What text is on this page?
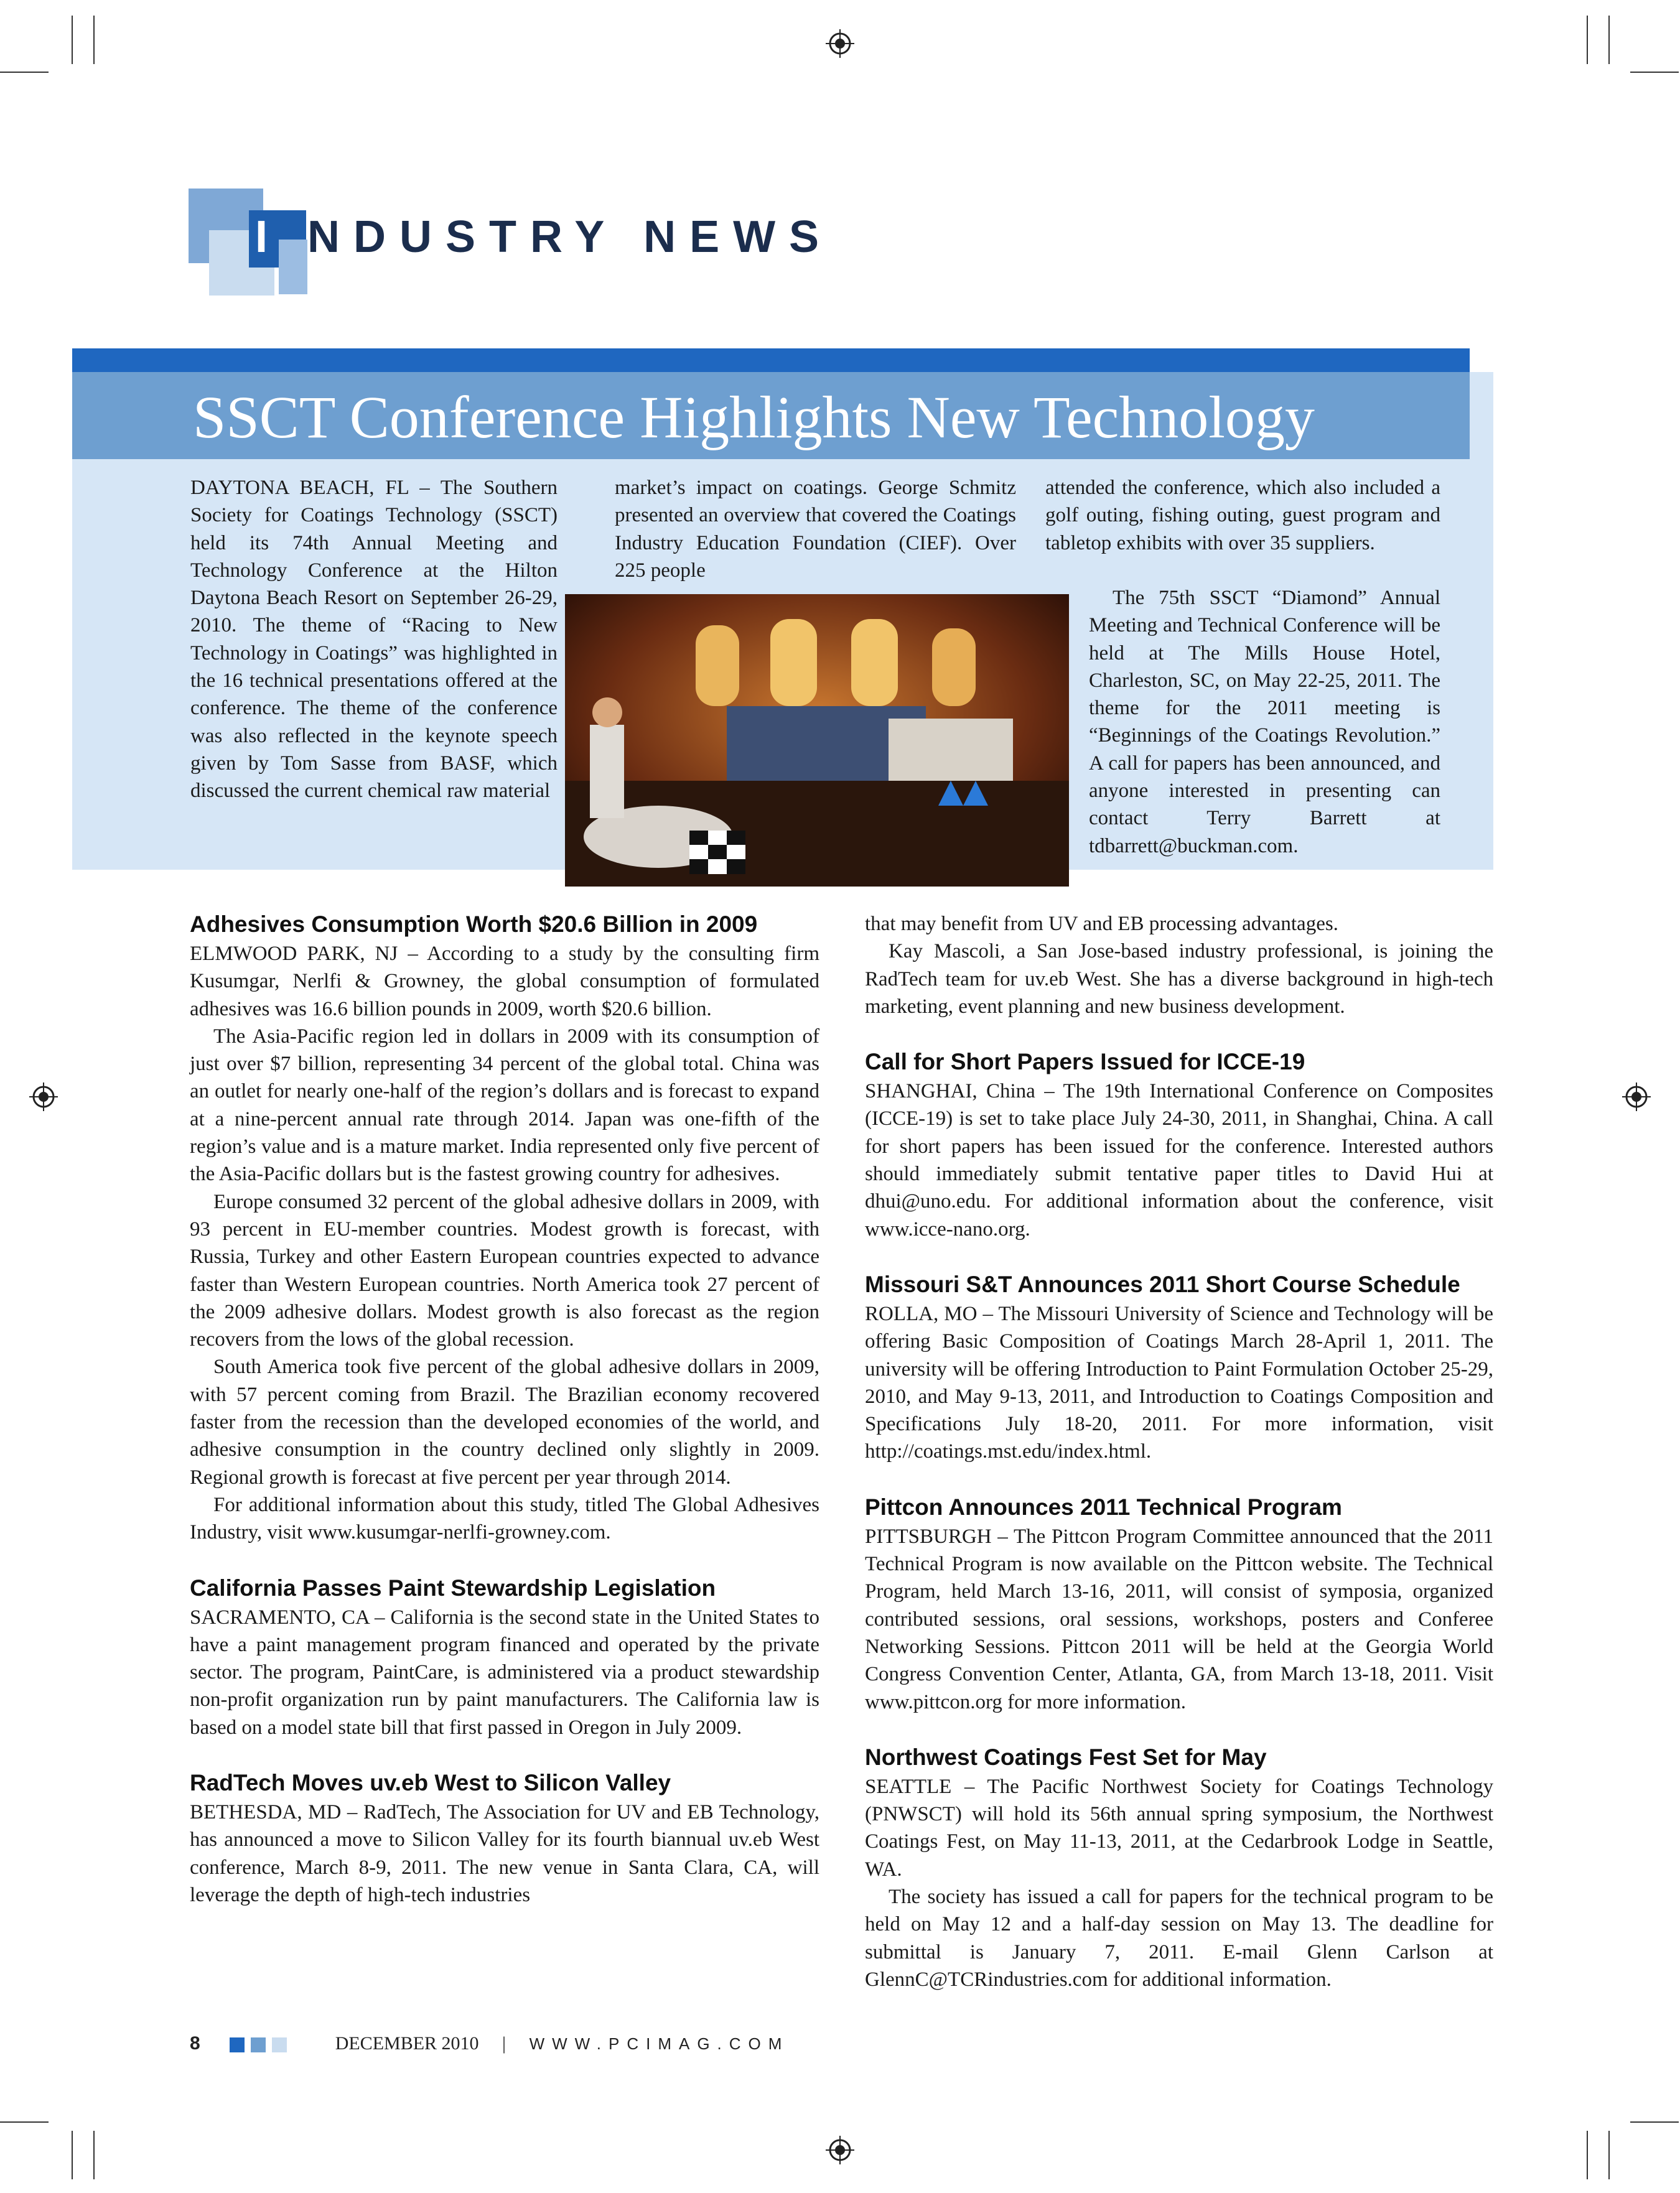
I NDUSTRY NEWS
SSCT Conference Highlights New Technology

DAYTONA BEACH, FL – The Southern Society for Coatings Technology (SSCT) held its 74th Annual Meeting and Technology Conference at the Hilton Daytona Beach Resort on September 26-29, 2010. The theme of “Racing to New Technology in Coatings” was highlighted in the 16 technical presentations offered at the conference. The theme of the conference was also reflected in the keynote speech given by Tom Sasse from BASF, which discussed the current chemical raw material

market’s impact on coatings. George Schmitz presented an overview that covered the Coatings Industry Education Foundation (CIEF). Over 225 people

attended the conference, which also included a golf outing, fishing outing, guest program and tabletop exhibits with over 35 suppliers.

The 75th SSCT “Diamond” Annual Meeting and Technical Conference will be held at The Mills House Hotel, Charleston, SC, on May 22-25, 2011. The theme for the 2011 meeting is “Beginnings of the Coatings Revolution.” A call for papers has been announced, and anyone interested in presenting can contact Terry Barrett at tdbarrett@buckman.com.

Adhesives Consumption Worth $20.6 Billion in 2009

ELMWOOD PARK, NJ – According to a study by the consulting firm Kusumgar, Nerlfi & Growney, the global consumption of formulated adhesives was 16.6 billion pounds in 2009, worth $20.6 billion.

The Asia-Pacific region led in dollars in 2009 with its consumption of just over $7 billion, representing 34 percent of the global total. China was an outlet for nearly one-half of the region’s dollars and is forecast to expand at a nine-percent annual rate through 2014. Japan was one-fifth of the region’s value and is a mature market. India represented only five percent of the Asia-Pacific dollars but is the fastest growing country for adhesives.

Europe consumed 32 percent of the global adhesive dollars in 2009, with 93 percent in EU-member countries. Modest growth is forecast, with Russia, Turkey and other Eastern European countries expected to advance faster than Western European countries. North America took 27 percent of the 2009 adhesive dollars. Modest growth is also forecast as the region recovers from the lows of the global recession.

South America took five percent of the global adhesive dollars in 2009, with 57 percent coming from Brazil. The Brazilian economy recovered faster from the recession than the developed economies of the world, and adhesive consumption in the country declined only slightly in 2009. Regional growth is forecast at five percent per year through 2014.

For additional information about this study, titled The Global Adhesives Industry, visit www.kusumgar-nerlfi-growney.com.

California Passes Paint Stewardship Legislation

SACRAMENTO, CA – California is the second state in the United States to have a paint management program financed and operated by the private sector. The program, PaintCare, is administered via a product stewardship non-profit organization run by paint manufacturers. The California law is based on a model state bill that first passed in Oregon in July 2009.

RadTech Moves uv.eb West to Silicon Valley

BETHESDA, MD – RadTech, The Association for UV and EB Technology, has announced a move to Silicon Valley for its fourth biannual uv.eb West conference, March 8-9, 2011. The new venue in Santa Clara, CA, will leverage the depth of high-tech industries

that may benefit from UV and EB processing advantages.

Kay Mascoli, a San Jose-based industry professional, is joining the RadTech team for uv.eb West. She has a diverse background in high-tech marketing, event planning and new business development.

Call for Short Papers Issued for ICCE-19

SHANGHAI, China – The 19th International Conference on Composites (ICCE-19) is set to take place July 24-30, 2011, in Shanghai, China. A call for short papers has been issued for the conference. Interested authors should immediately submit tentative paper titles to David Hui at dhui@uno.edu. For additional information about the conference, visit www.icce-nano.org.

Missouri S&T Announces 2011 Short Course Schedule

ROLLA, MO – The Missouri University of Science and Technology will be offering Basic Composition of Coatings March 28-April 1, 2011. The university will be offering Introduction to Paint Formulation October 25-29, 2010, and May 9-13, 2011, and Introduction to Coatings Composition and Specifications July 18-20, 2011. For more information, visit http://coatings.mst.edu/index.html.

Pittcon Announces 2011 Technical Program

PITTSBURGH – The Pittcon Program Committee announced that the 2011 Technical Program is now available on the Pittcon website. The Technical Program, held March 13-16, 2011, will consist of symposia, organized contributed sessions, oral sessions, workshops, posters and Conferee Networking Sessions. Pittcon 2011 will be held at the Georgia World Congress Convention Center, Atlanta, GA, from March 13-18, 2011. Visit www.pittcon.org for more information.

Northwest Coatings Fest Set for May

SEATTLE – The Pacific Northwest Society for Coatings Technology (PNWSCT) will hold its 56th annual spring symposium, the Northwest Coatings Fest, on May 11-13, 2011, at the Cedarbrook Lodge in Seattle, WA.

The society has issued a call for papers for the technical program to be held on May 12 and a half-day session on May 13. The deadline for submittal is January 7, 2011. E-mail Glenn Carlson at GlennC@TCRindustries.com for additional information.

8	DECEMBER 2010 | WWW.PCIMAG.COM
